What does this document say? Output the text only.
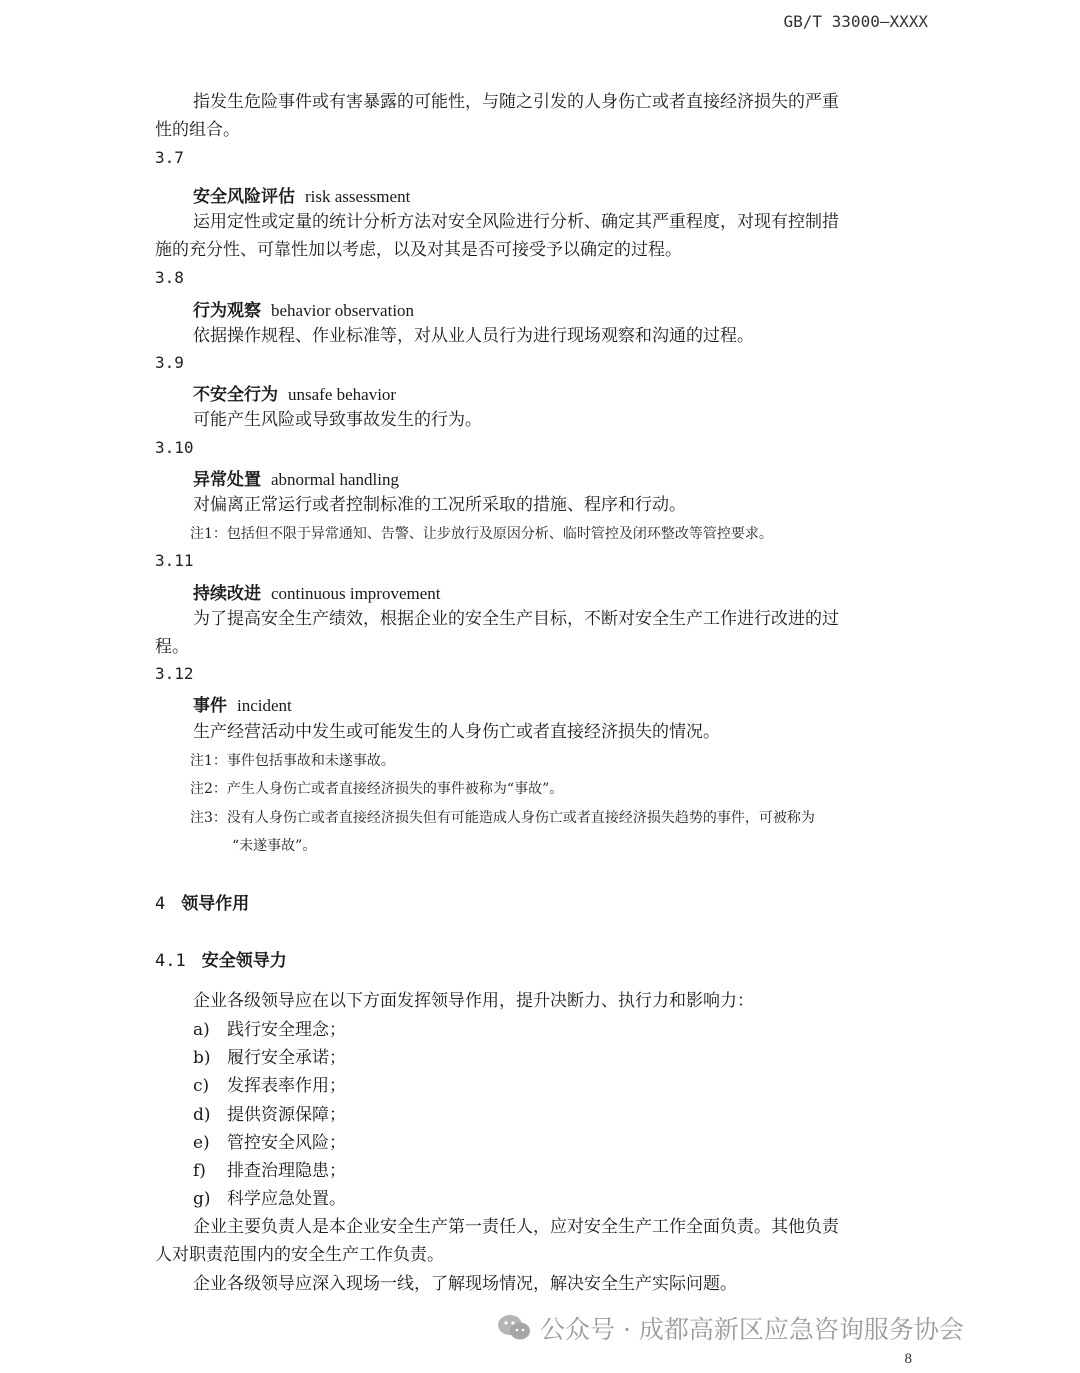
GB/T 33000—XXXX
指发生危险事件或有害暴露的可能性，与随之引发的人身伤亡或者直接经济损失的严重
性的组合。
3.7
安全风险评估 risk assessment
运用定性或定量的统计分析方法对安全风险进行分析、确定其严重程度，对现有控制措
施的充分性、可靠性加以考虑，以及对其是否可接受予以确定的过程。
3.8
行为观察 behavior observation
依据操作规程、作业标准等，对从业人员行为进行现场观察和沟通的过程。
3.9
不安全行为 unsafe behavior
可能产生风险或导致事故发生的行为。
3.10
异常处置 abnormal handling
对偏离正常运行或者控制标准的工况所采取的措施、程序和行动。
注1：包括但不限于异常通知、告警、让步放行及原因分析、临时管控及闭环整改等管控要求。
3.11
持续改进 continuous improvement
为了提高安全生产绩效，根据企业的安全生产目标，不断对安全生产工作进行改进的过
程。
3.12
事件 incident
生产经营活动中发生或可能发生的人身伤亡或者直接经济损失的情况。
注1：事件包括事故和未遂事故。
注2：产生人身伤亡或者直接经济损失的事件被称为“事故”。
注3：没有人身伤亡或者直接经济损失但有可能造成人身伤亡或者直接经济损失趋势的事件，可被称为
“未遂事故”。
4 领导作用
4.1 安全领导力
企业各级领导应在以下方面发挥领导作用，提升决断力、执行力和影响力：
a) 践行安全理念；
b) 履行安全承诺；
c) 发挥表率作用；
d) 提供资源保障；
e) 管控安全风险；
f) 排查治理隐患；
g) 科学应急处置。
企业主要负责人是本企业安全生产第一责任人，应对安全生产工作全面负责。其他负责
人对职责范围内的安全生产工作负责。
企业各级领导应深入现场一线，了解现场情况，解决安全生产实际问题。
公众号 · 成都高新区应急咨询服务协会
8
